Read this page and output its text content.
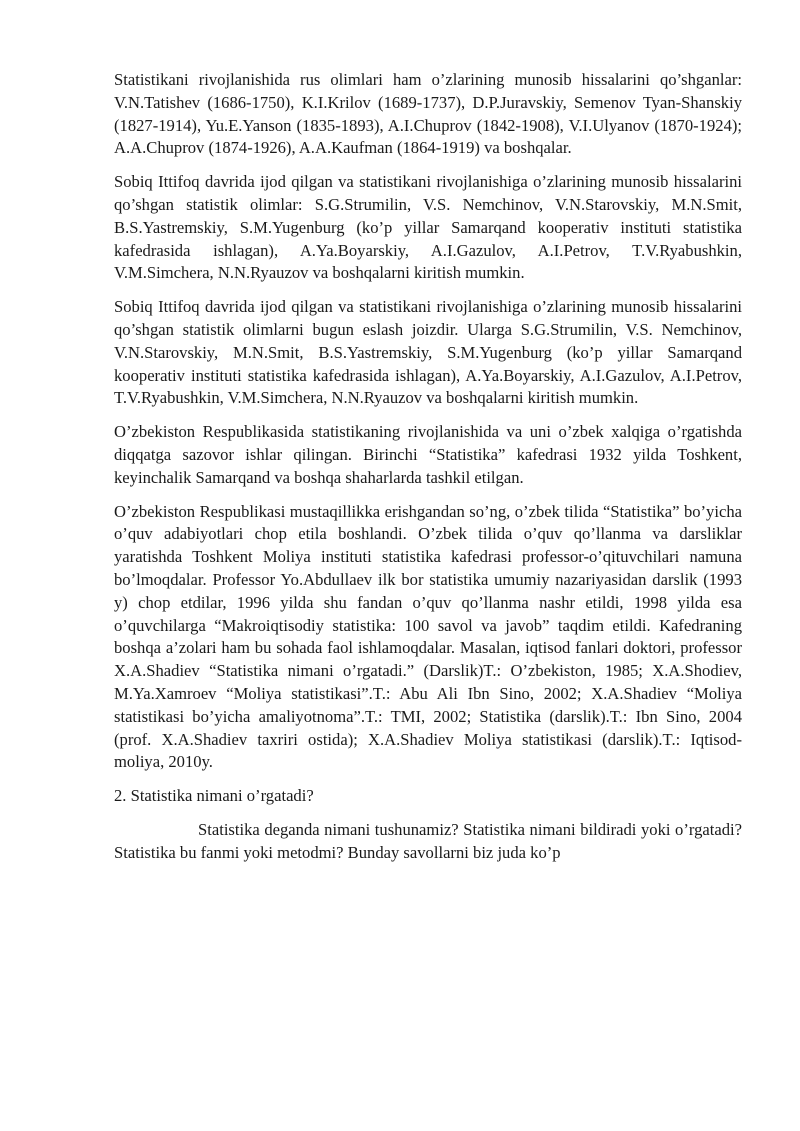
Statistikani rivojlanishida rus olimlari ham o’zlarining munosib hissalarini qo’shganlar: V.N.Tatishev (1686-1750), K.I.Krilov (1689-1737), D.P.Juravskiy, Semenov Tyan-Shanskiy (1827-1914), Yu.E.Yanson (1835-1893), A.I.Chuprov (1842-1908), V.I.Ulyanov (1870-1924); A.A.Chuprov (1874-1926), A.A.Kaufman (1864-1919) va boshqalar.

Sobiq Ittifoq davrida ijod qilgan va statistikani rivojlanishiga o’zlarining munosib hissalarini qo’shgan statistik olimlar: S.G.Strumilin, V.S. Nemchinov, V.N.Starovskiy, M.N.Smit, B.S.Yastremskiy, S.M.Yugenburg (ko’p yillar Samarqand kooperativ instituti statistika kafedrasida ishlagan), A.Ya.Boyarskiy, A.I.Gazulov, A.I.Petrov, T.V.Ryabushkin, V.M.Simchera, N.N.Ryauzov va boshqalarni kiritish mumkin.

Sobiq Ittifoq davrida ijod qilgan va statistikani rivojlanishiga o’zlarining munosib hissalarini qo’shgan statistik olimlarni bugun eslash joizdir. Ularga S.G.Strumilin, V.S. Nemchinov, V.N.Starovskiy, M.N.Smit, B.S.Yastremskiy, S.M.Yugenburg (ko’p yillar Samarqand kooperativ instituti statistika kafedrasida ishlagan), A.Ya.Boyarskiy, A.I.Gazulov, A.I.Petrov, T.V.Ryabushkin, V.M.Simchera, N.N.Ryauzov va boshqalarni kiritish mumkin.

O’zbekiston Respublikasida statistikaning rivojlanishida va uni o’zbek xalqiga o’rgatishda diqqatga sazovor ishlar qilingan. Birinchi “Statistika” kafedrasi 1932 yilda Toshkent, keyinchalik Samarqand va boshqa shaharlarda tashkil etilgan.

O’zbekiston Respublikasi mustaqillikka erishgandan so’ng, o’zbek tilida “Statistika” bo’yicha o’quv adabiyotlari chop etila boshlandi. O’zbek tilida o’quv qo’llanma va darsliklar yaratishda Toshkent Moliya instituti statistika kafedrasi professor-o’qituvchilari namuna bo’lmoqdalar. Professor Yo.Abdullaev ilk bor statistika umumiy nazariyasidan darslik (1993 y) chop etdilar, 1996 yilda shu fandan o’quv qo’llanma nashr etildi, 1998 yilda esa o’quvchilarga “Makroiqtisodiy statistika: 100 savol va javob” taqdim etildi. Kafedraning boshqa a’zolari ham bu sohada faol ishlamoqdalar. Masalan, iqtisod fanlari doktori, professor X.A.Shadiev “Statistika nimani o’rgatadi.” (Darslik)T.: O’zbekiston, 1985; X.A.Shodiev, M.Ya.Xamroev “Moliya statistikasi”.T.: Abu Ali Ibn Sino, 2002; X.A.Shadiev “Moliya statistikasi bo’yicha amaliyotnoma”.T.: TMI, 2002; Statistika (darslik).T.: Ibn Sino, 2004 (prof. X.A.Shadiev taxriri ostida); X.A.Shadiev Moliya statistikasi (darslik).T.: Iqtisod-moliya, 2010y.

2. Statistika nimani o’rgatadi?

Statistika deganda nimani tushunamiz? Statistika nimani bildiradi yoki o’rgatadi? Statistika bu fanmi yoki metodmi? Bunday savollarni biz juda ko’p
